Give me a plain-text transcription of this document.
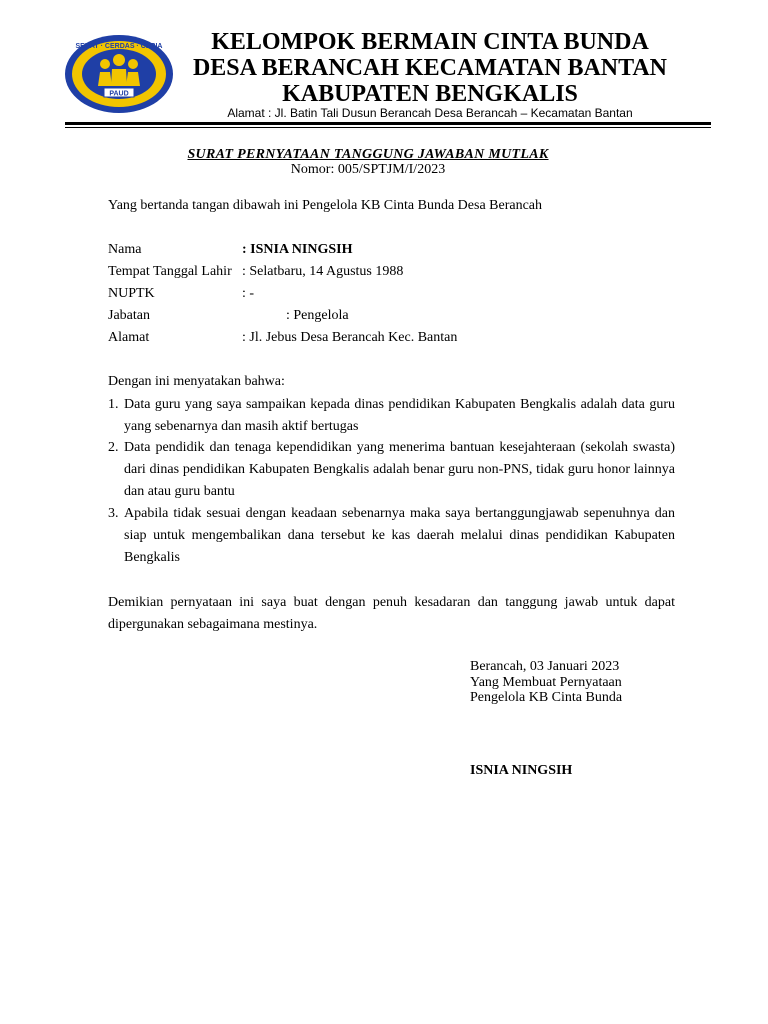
SEHAT · CERDAS · CERIA
PAUD
KELOMPOK BERMAIN CINTA BUNDA
DESA BERANCAH KECAMATAN BANTAN
KABUPATEN BENGKALIS
Alamat : Jl. Batin Tali Dusun Berancah Desa Berancah – Kecamatan Bantan
SURAT PERNYATAAN TANGGUNG JAWABAN MUTLAK
Nomor: 005/SPTJM/I/2023
Yang bertanda tangan dibawah ini Pengelola KB Cinta Bunda Desa Berancah
Nama	: ISNIA NINGSIH
Tempat Tanggal Lahir : Selatbaru, 14 Agustus 1988
NUPTK	: -
Jabatan	: Pengelola
Alamat	: Jl. Jebus Desa Berancah Kec. Bantan
Dengan ini menyatakan bahwa:
1. Data guru yang saya sampaikan kepada dinas pendidikan Kabupaten Bengkalis adalah data guru yang sebenarnya dan masih aktif bertugas
2. Data pendidik dan tenaga kependidikan yang menerima bantuan kesejahteraan (sekolah swasta) dari dinas pendidikan Kabupaten Bengkalis adalah benar guru non-PNS, tidak guru honor lainnya dan atau guru bantu
3. Apabila tidak sesuai dengan keadaan sebenarnya maka saya bertanggungjawab sepenuhnya dan siap untuk mengembalikan dana tersebut ke kas daerah melalui dinas pendidikan Kabupaten Bengkalis
Demikian pernyataan ini saya buat dengan penuh kesadaran dan tanggung jawab untuk dapat dipergunakan sebagaimana mestinya.
Berancah, 03 Januari 2023
Yang Membuat Pernyataan
Pengelola KB Cinta Bunda
ISNIA NINGSIH
